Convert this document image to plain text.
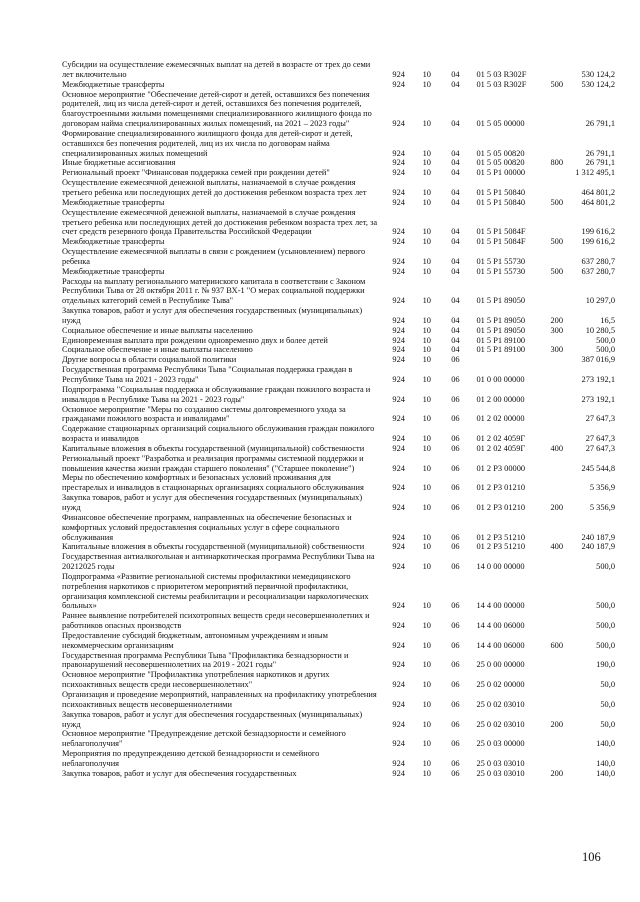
Субсидии на осуществление ежемесячных выплат на детей в возрасте от трех до семи лет включительно	924	10	04	01 5 03 R302F		530 124,2
Межбюджетные трансферты	924	10	04	01 5 03 R302F	500	530 124,2
Основное мероприятие "Обеспечение детей-сирот и детей, оставшихся без попечения родителей, лиц из числа детей-сирот и детей, оставшихся без попечения родителей, благоустроенными жилыми помещениями специализированного жилищного фонда по договорам найма специализированных жилых помещений, на 2021 – 2023 годы"	924	10	04	01 5 05 00000		26 791,1
Формирование специализированного жилищного фонда для детей-сирот и детей, оставшихся без попечения родителей, лиц из их числа по договорам найма специализированных жилых помещений	924	10	04	01 5 05 00820		26 791,1
Иные бюджетные ассигнования	924	10	04	01 5 05 00820	800	26 791,1
Региональный проект "Финансовая поддержка семей при рождении детей"	924	10	04	01 5 P1 00000		1 312 495,1
Осуществление ежемесячной денежной выплаты, назначаемой в случае рождения третьего ребенка или последующих детей до достижения ребенком возраста трех лет	924	10	04	01 5 P1 50840		464 801,2
Межбюджетные трансферты	924	10	04	01 5 P1 50840	500	464 801,2
Осуществление ежемесячной денежной выплаты, назначаемой в случае рождения третьего ребенка или последующих детей до достижения ребенком возраста трех лет, за счет средств резервного фонда Правительства Российской Федерации	924	10	04	01 5 P1 5084F		199 616,2
Межбюджетные трансферты	924	10	04	01 5 P1 5084F	500	199 616,2
Осуществление ежемесячной выплаты в связи с рождением (усыновлением) первого ребенка	924	10	04	01 5 P1 55730		637 280,7
Межбюджетные трансферты	924	10	04	01 5 P1 55730	500	637 280,7
Расходы на выплату регионального материнского капитала в соответствии с Законом Республики Тыва от 28 октября 2011 г. № 937 ВХ-1 "О мерах социальной поддержки отдельных категорий семей в Республике Тыва"	924	10	04	01 5 P1 89050		10 297,0
Закупка товаров, работ и услуг для обеспечения государственных (муниципальных) нужд	924	10	04	01 5 P1 89050	200	16,5
Социальное обеспечение и иные выплаты населению	924	10	04	01 5 P1 89050	300	10 280,5
Единовременная выплата при рождении одновременно двух и более детей	924	10	04	01 5 P1 89100		500,0
Социальное обеспечение и иные выплаты населению	924	10	04	01 5 P1 89100	300	500,0
Другие вопросы в области социальной политики	924	10	06			387 016,9
Государственная программа Республики Тыва "Социальная поддержка граждан в Республике Тыва на 2021 - 2023 годы"	924	10	06	01 0 00 00000		273 192,1
Подпрограмма "Социальная поддержка и обслуживание граждан пожилого возраста и инвалидов в Республике Тыва на 2021 - 2023 годы"	924	10	06	01 2 00 00000		273 192,1
Основное мероприятие "Меры по созданию системы долговременного ухода за гражданами пожилого возраста и инвалидами"	924	10	06	01 2 02 00000		27 647,3
Содержание стационарных организаций социального обслуживания граждан пожилого возраста и инвалидов	924	10	06	01 2 02 4059Г		27 647,3
Капитальные вложения в объекты государственной (муниципальной) собственности	924	10	06	01 2 02 4059Г	400	27 647,3
Региональный проект "Разработка и реализация программы системной поддержки и повышения качества жизни граждан старшего поколения" ("Старшее поколение")	924	10	06	01 2 P3 00000		245 544,8
Меры по обеспечению комфортных и безопасных условий проживания для престарелых и инвалидов в стационарных организациях социального обслуживания	924	10	06	01 2 P3 01210		5 356,9
Закупка товаров, работ и услуг для обеспечения государственных (муниципальных) нужд	924	10	06	01 2 P3 01210	200	5 356,9
Финансовое обеспечение программ, направленных на обеспечение безопасных и комфортных условий предоставления социальных услуг в сфере социального обслуживания	924	10	06	01 2 P3 51210		240 187,9
Капитальные вложения в объекты государственной (муниципальной) собственности	924	10	06	01 2 P3 51210	400	240 187,9
Государственная антиалкогольная и антинаркотическая программа Республики Тыва на 20212025 годы	924	10	06	14 0 00 00000		500,0
Подпрограмма «Развитие региональной системы профилактики немедицинского потребления наркотиков с приоритетом мероприятий первичной профилактики, организация комплексной системы реабилитации и ресоциализации наркологических больных»	924	10	06	14 4 00 00000		500,0
Раннее выявление потребителей психотропных веществ среди несовершеннолетних и работников опасных производств	924	10	06	14 4 00 06000		500,0
Предоставление субсидий бюджетным, автономным учреждениям и иным некоммерческим организациям	924	10	06	14 4 00 06000	600	500,0
Государственная программа Республики Тыва "Профилактика безнадзорности и правонарушений несовершеннолетних на 2019 - 2021 годы"	924	10	06	25 0 00 00000		190,0
Основное мероприятие "Профилактика употребления наркотиков и других психоактивных веществ среди несовершеннолетних"	924	10	06	25 0 02 00000		50,0
Организация и проведение мероприятий, направленных на профилактику употребления психоактивных веществ несовершеннолетними	924	10	06	25 0 02 03010		50,0
Закупка товаров, работ и услуг для обеспечения государственных (муниципальных) нужд	924	10	06	25 0 02 03010	200	50,0
Основное мероприятие "Предупреждение детской безнадзорности и семейного неблагополучия"	924	10	06	25 0 03 00000		140,0
Мероприятия по предупреждению детской безнадзорности и семейного неблагополучия	924	10	06	25 0 03 03010		140,0
Закупка товаров, работ и услуг для обеспечения государственных	924	10	06	25 0 03 03010	200	140,0
106
